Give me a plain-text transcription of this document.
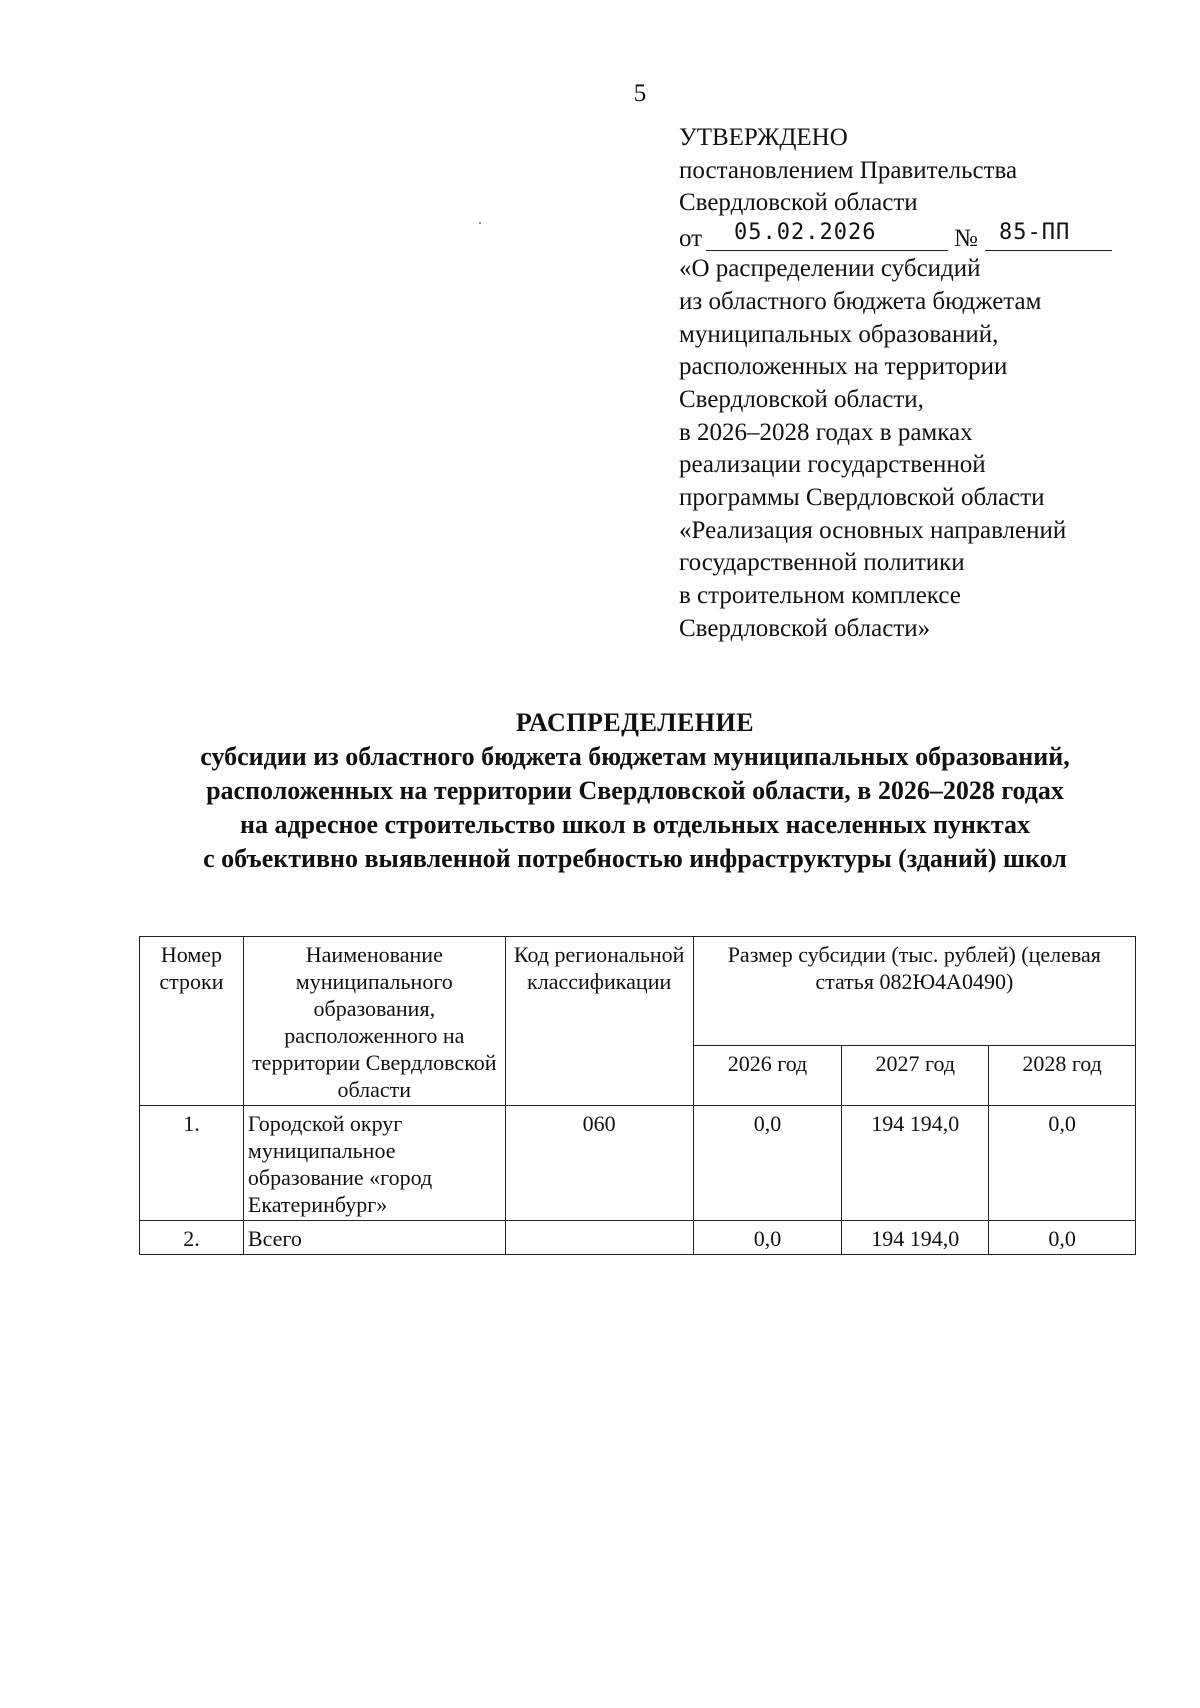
5
УТВЕРЖДЕНО
постановлением Правительства
Свердловской области
от 05.02.2026	№ 85-ПП
«О распределении субсидий
из областного бюджета бюджетам
муниципальных образований,
расположенных на территории
Свердловской области,
в 2026–2028 годах в рамках
реализации государственной
программы Свердловской области
«Реализация основных направлений
государственной политики
в строительном комплексе
Свердловской области»
РАСПРЕДЕЛЕНИЕ
субсидии из областного бюджета бюджетам муниципальных образований,
расположенных на территории Свердловской области, в 2026–2028 годах
на адресное строительство школ в отдельных населенных пунктах
с объективно выявленной потребностью инфраструктуры (зданий) школ
Номер строки	Наименование муниципального образования, расположенного на территории Свердловской области	Код региональной классификации	Размер субсидии (тыс. рублей) (целевая статья 082Ю4А0490)		
			2026 год	2027 год	2028 год
1.	Городской округ муниципальное образование «город Екатеринбург»	060	0,0	194 194,0	0,0
2.	Всего		0,0	194 194,0	0,0
